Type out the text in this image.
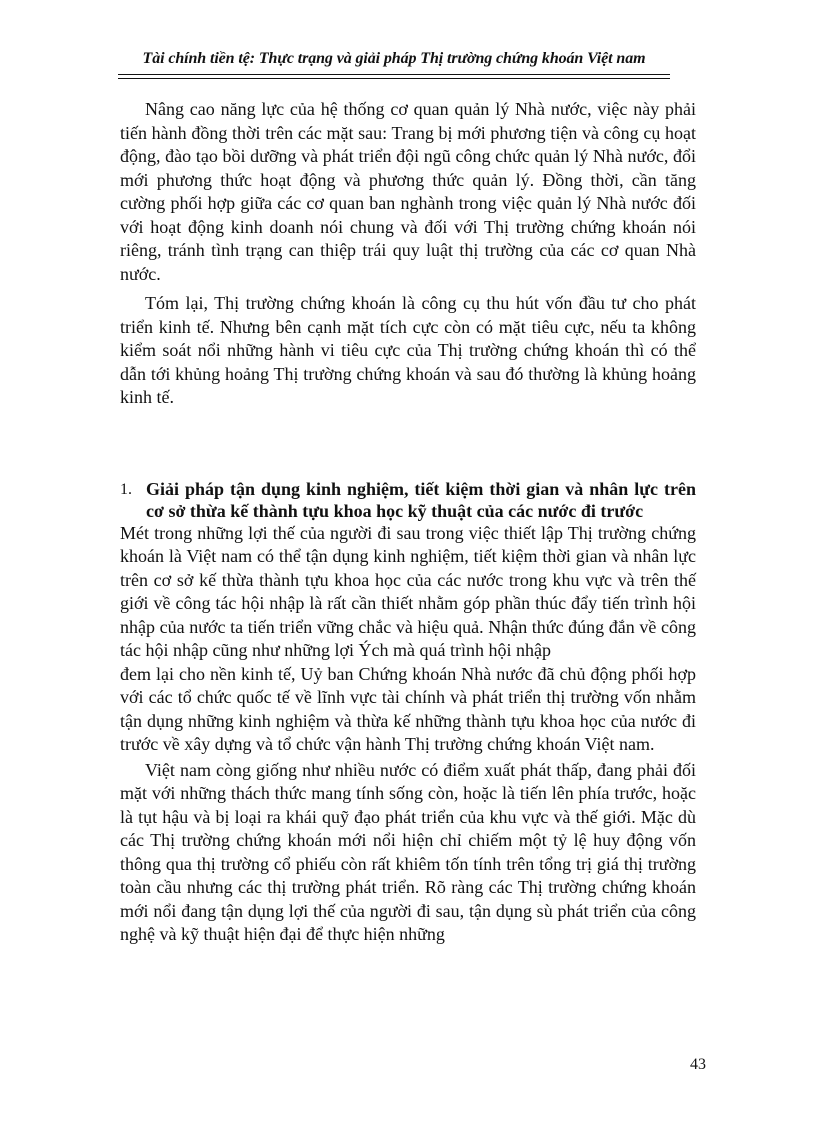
Tài chính tiền tệ: Thực trạng và giải pháp Thị trường chứng khoán Việt nam

Nâng cao năng lực của hệ thống cơ quan quản lý Nhà nước, việc này phải tiến hành đồng thời trên các mặt sau: Trang bị mới phương tiện và công cụ hoạt động, đào tạo bồi dưỡng và phát triển đội ngũ công chức quản lý Nhà nước, đổi mới phương thức hoạt động và phương thức quản lý. Đồng thời, cần tăng cường phối hợp giữa các cơ quan ban nghành trong việc quản lý Nhà nước đối với hoạt động kinh doanh nói chung và đối với Thị trường chứng khoán nói riêng, tránh tình trạng can thiệp trái quy luật thị trường của các cơ quan Nhà nước.

Tóm lại, Thị trường chứng khoán là công cụ thu hút vốn đầu tư cho phát triển kinh tế. Nhưng bên cạnh mặt tích cực còn có mặt tiêu cực, nếu ta không kiểm soát nổi những hành vi tiêu cực của Thị trường chứng khoán thì có thể dẫn tới khủng hoảng Thị trường chứng khoán và sau đó thường là khủng hoảng kinh tế.

1. Giải pháp tận dụng kinh nghiệm, tiết kiệm thời gian và nhân lực trên cơ sở thừa kế thành tựu khoa học kỹ thuật của các nước đi trước

Mét trong những lợi thế của người đi sau trong việc thiết lập Thị trường chứng khoán là Việt nam có thể tận dụng kinh nghiệm, tiết kiệm thời gian và nhân lực trên cơ sở kế thừa thành tựu khoa học của các nước trong khu vực và trên thế giới về công tác hội nhập là rất cần thiết nhằm góp phần thúc đẩy tiến trình hội nhập của nước ta tiến triển vững chắc và hiệu quả. Nhận thức đúng đắn về công tác hội nhập cũng như những lợi Ých mà quá trình hội nhập

đem lại cho nền kinh tế, Uỷ ban Chứng khoán Nhà nước đã chủ động phối hợp với các tổ chức quốc tế về lĩnh vực tài chính và phát triển thị trường vốn nhằm tận dụng những kinh nghiệm và thừa kế những thành tựu khoa học của nước đi trước về xây dựng và tổ chức vận hành Thị trường chứng khoán Việt nam.

Việt nam còng giống như nhiều nước có điểm xuất phát thấp, đang phải đối mặt với những thách thức mang tính sống còn, hoặc là tiến lên phía trước, hoặc là tụt hậu và bị loại ra khái quỹ đạo phát triển của khu vực và thế giới. Mặc dù các Thị trường chứng khoán mới nổi hiện chỉ chiếm một tỷ lệ huy động vốn thông qua thị trường cổ phiếu còn rất khiêm tốn tính trên tổng trị giá thị trường toàn cầu nhưng các thị trường phát triển. Rõ ràng các Thị trường chứng khoán mới nổi đang tận dụng lợi thế của người đi sau, tận dụng sù phát triển của công nghệ và kỹ thuật hiện đại để thực hiện những

43
